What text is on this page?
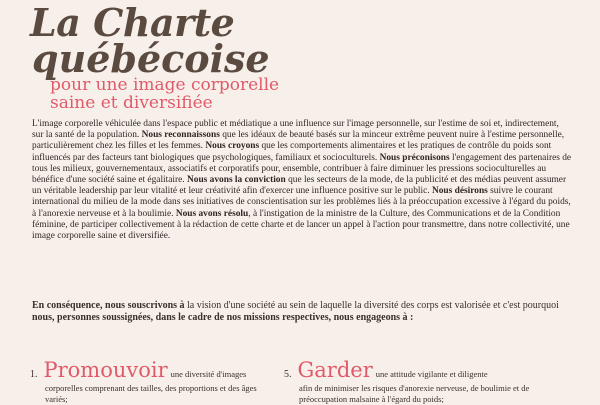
La Charte
québécoise
pour une image corporelle
saine et diversifiée

L'image corporelle véhiculée dans l'espace public et médiatique a une influence sur l'image personnelle, sur l'estime de soi et, indirectement, sur la santé de la population. Nous reconnaissons que les idéaux de beauté basés sur la minceur extrême peuvent nuire à l'estime personnelle, particulièrement chez les filles et les femmes. Nous croyons que les comportements alimentaires et les pratiques de contrôle du poids sont influencés par des facteurs tant biologiques que psychologiques, familiaux et socioculturels. Nous préconisons l'engagement des partenaires de tous les milieux, gouvernementaux, associatifs et corporatifs pour, ensemble, contribuer à faire diminuer les pressions socioculturelles au bénéfice d'une société saine et égalitaire. Nous avons la conviction que les secteurs de la mode, de la publicité et des médias peuvent assumer un véritable leadership par leur vitalité et leur créativité afin d'exercer une influence positive sur le public. Nous désirons suivre le courant international du milieu de la mode dans ses initiatives de conscientisation sur les problèmes liés à la préoccupation excessive à l'égard du poids, à l'anorexie nerveuse et à la boulimie. Nous avons résolu, à l'instigation de la ministre de la Culture, des Communications et de la Condition féminine, de participer collectivement à la rédaction de cette charte et de lancer un appel à l'action pour transmettre, dans notre collectivité, une image corporelle saine et diversifiée.

En conséquence, nous souscrivons à la vision d'une société au sein de laquelle la diversité des corps est valorisée et c'est pourquoi nous, personnes soussignées, dans le cadre de nos missions respectives, nous engageons à :
1. Promouvoir une diversité d'images
corporelles comprenant des tailles, des proportions et des âges variés;
5. Garder une attitude vigilante et diligente
afin de minimiser les risques d'anorexie nerveuse, de boulimie et de préoccupation malsaine à l'égard du poids;
